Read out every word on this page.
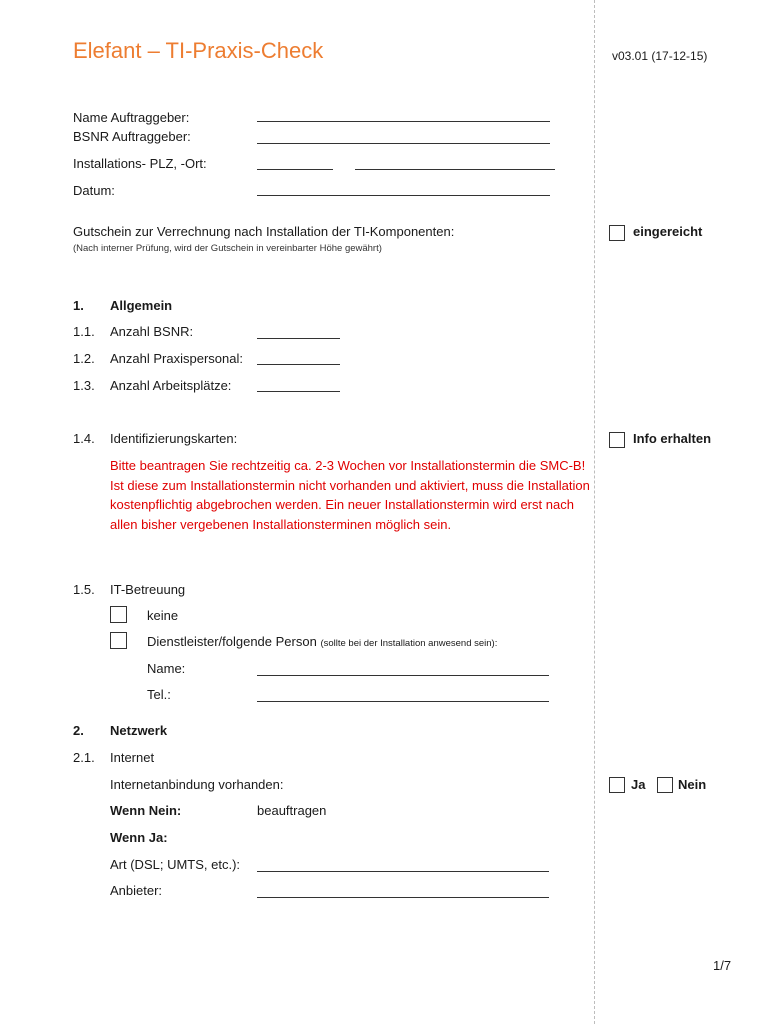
Elefant – TI-Praxis-Check	v03.01 (17-12-15)
Name Auftraggeber:
BSNR Auftraggeber:
Installations- PLZ, -Ort:
Datum:
Gutschein zur Verrechnung nach Installation der TI-Komponenten:
(Nach interner Prüfung, wird der Gutschein in vereinbarter Höhe gewährt)
eingereicht
1. Allgemein
1.1. Anzahl BSNR:
1.2. Anzahl Praxispersonal:
1.3. Anzahl Arbeitsplätze:
1.4. Identifizierungskarten:	Info erhalten
Bitte beantragen Sie rechtzeitig ca. 2-3 Wochen vor Installationstermin die SMC-B! Ist diese zum Installationstermin nicht vorhanden und aktiviert, muss die Installation kostenpflichtig abgebrochen werden. Ein neuer Installationstermin wird erst nach allen bisher vergebenen Installationsterminen möglich sein.
1.5. IT-Betreuung
keine
Dienstleister/folgende Person (sollte bei der Installation anwesend sein):
Name:
Tel.:
2. Netzwerk
2.1. Internet
Internetanbindung vorhanden:	Ja	Nein
Wenn Nein:	beauftragen
Wenn Ja:
Art (DSL; UMTS, etc.):
Anbieter:
1/7
